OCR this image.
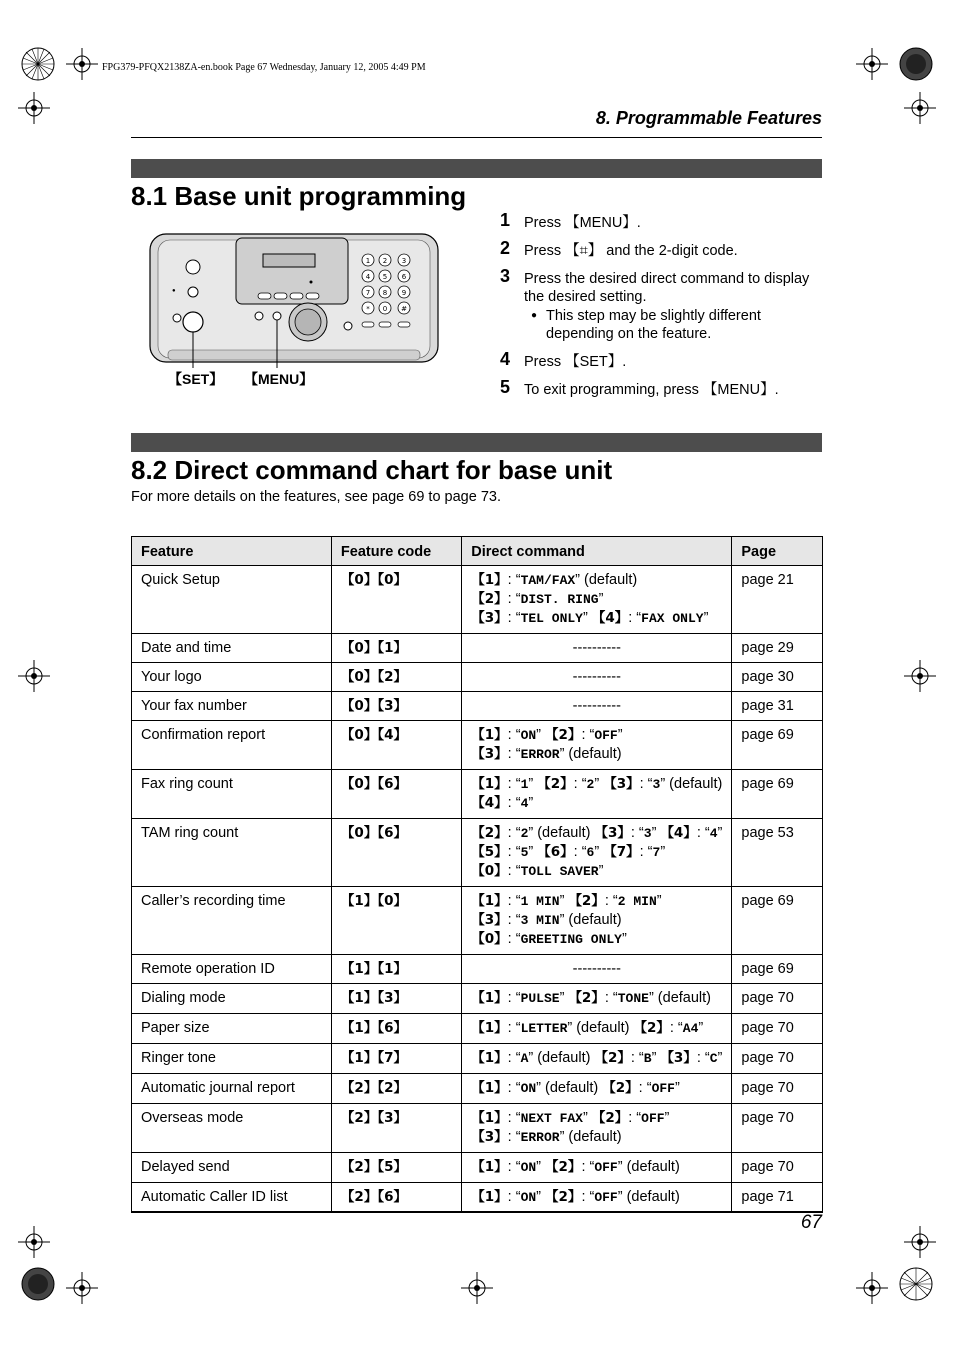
FPG379-PFQX2138ZA-en.book Page 67 Wednesday, January 12, 2005 4:49 PM
8. Programmable Features
8.1 Base unit programming
●
1 2 3
4 5 6
7 8 9
* 0 #
【SET】 【MENU】
1 Press 【MENU】.
2 Press 【⌗】 and the 2-digit code.
3 Press the desired direct command to display the desired setting.
● This step may be slightly different depending on the feature.
4 Press 【SET】.
5 To exit programming, press 【MENU】.
8.2 Direct command chart for base unit
For more details on the features, see page 69 to page 73.
Feature	Feature code	Direct command	Page
Quick Setup	【0】【0】	【1】: “TAM/FAX” (default)
【2】: “DIST. RING”
【3】: “TEL ONLY” 【4】: “FAX ONLY”	page 21
Date and time	【0】【1】	----------	page 29
Your logo	【0】【2】	----------	page 30
Your fax number	【0】【3】	----------	page 31
Confirmation report	【0】【4】	【1】: “ON” 【2】: “OFF”
【3】: “ERROR” (default)	page 69
Fax ring count	【0】【6】	【1】: “1” 【2】: “2” 【3】: “3” (default)
【4】: “4”	page 69
TAM ring count	【0】【6】	【2】: “2” (default) 【3】: “3” 【4】: “4”
【5】: “5” 【6】: “6” 【7】: “7”
【0】: “TOLL SAVER”	page 53
Caller’s recording time	【1】【0】	【1】: “1 MIN” 【2】: “2 MIN”
【3】: “3 MIN” (default)
【0】: “GREETING ONLY”	page 69
Remote operation ID	【1】【1】	----------	page 69
Dialing mode	【1】【3】	【1】: “PULSE” 【2】: “TONE” (default)	page 70
Paper size	【1】【6】	【1】: “LETTER” (default) 【2】: “A4”	page 70
Ringer tone	【1】【7】	【1】: “A” (default) 【2】: “B” 【3】: “C”	page 70
Automatic journal report	【2】【2】	【1】: “ON” (default) 【2】: “OFF”	page 70
Overseas mode	【2】【3】	【1】: “NEXT FAX” 【2】: “OFF”
【3】: “ERROR” (default)	page 70
Delayed send	【2】【5】	【1】: “ON” 【2】: “OFF” (default)	page 70
Automatic Caller ID list	【2】【6】	【1】: “ON” 【2】: “OFF” (default)	page 71
67
